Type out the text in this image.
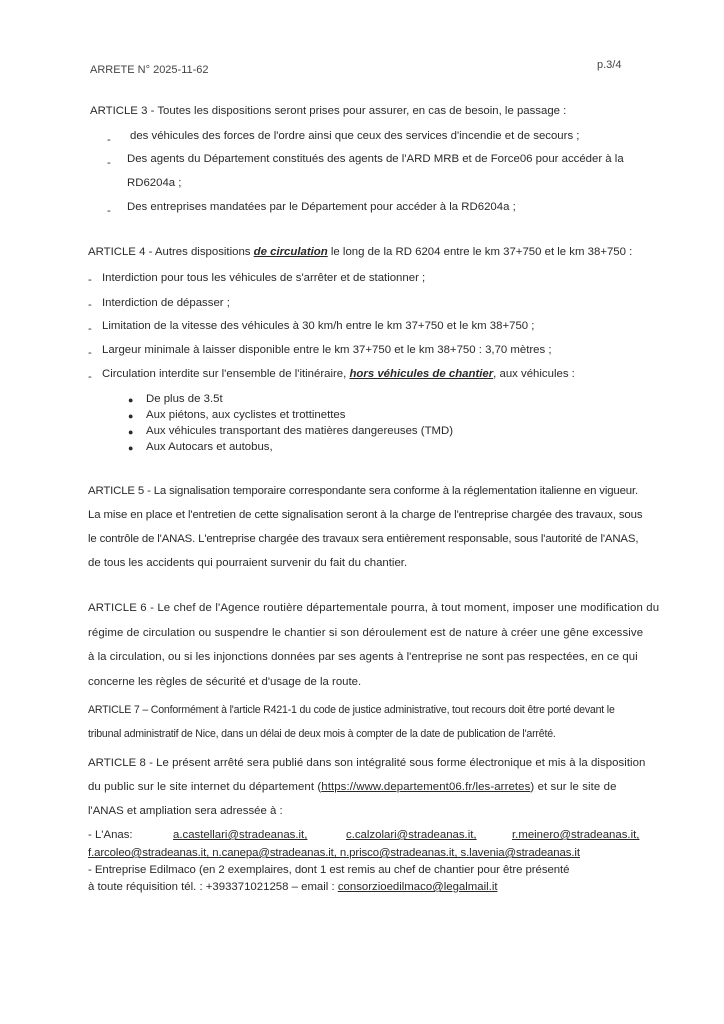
ARRETE N° 2025-11-62	p.3/4
ARTICLE 3 - Toutes les dispositions seront prises pour assurer, en cas de besoin, le passage :
- des véhicules des forces de l'ordre ainsi que ceux des services d'incendie et de secours ;
- Des agents du Département constitués des agents de l'ARD MRB et de Force06 pour accéder à la
RD6204a ;
- Des entreprises mandatées par le Département pour accéder à la RD6204a ;
ARTICLE 4 - Autres dispositions de circulation le long de la RD 6204 entre le km 37+750 et le km 38+750 :
- Interdiction pour tous les véhicules de s'arrêter et de stationner ;
- Interdiction de dépasser ;
- Limitation de la vitesse des véhicules à 30 km/h entre le km 37+750 et le km 38+750 ;
- Largeur minimale à laisser disponible entre le km 37+750 et le km 38+750 : 3,70 mètres ;
- Circulation interdite sur l'ensemble de l'itinéraire, hors véhicules de chantier, aux véhicules :
● De plus de 3.5t
● Aux piétons, aux cyclistes et trottinettes
● Aux véhicules transportant des matières dangereuses (TMD)
● Aux Autocars et autobus,
ARTICLE 5 - La signalisation temporaire correspondante sera conforme à la réglementation italienne en vigueur.
La mise en place et l'entretien de cette signalisation seront à la charge de l'entreprise chargée des travaux, sous
le contrôle de l'ANAS. L'entreprise chargée des travaux sera entièrement responsable, sous l'autorité de l'ANAS,
de tous les accidents qui pourraient survenir du fait du chantier.
ARTICLE 6 - Le chef de l'Agence routière départementale pourra, à tout moment, imposer une modification du
régime de circulation ou suspendre le chantier si son déroulement est de nature à créer une gêne excessive
à la circulation, ou si les injonctions données par ses agents à l'entreprise ne sont pas respectées, en ce qui
concerne les règles de sécurité et d'usage de la route.
ARTICLE 7 – Conformément à l'article R421-1 du code de justice administrative, tout recours doit être porté devant le
tribunal administratif de Nice, dans un délai de deux mois à compter de la date de publication de l'arrêté.
ARTICLE 8 - Le présent arrêté sera publié dans son intégralité sous forme électronique et mis à la disposition
du public sur le site internet du département (https://www.departement06.fr/les-arretes) et sur le site de
l'ANAS et ampliation sera adressée à :
- L'Anas:	a.castellari@stradeanas.it,	c.calzolari@stradeanas.it,	r.meinero@stradeanas.it,
f.arcoleo@stradeanas.it, n.canepa@stradeanas.it, n.prisco@stradeanas.it, s.lavenia@stradeanas.it
- Entreprise Edilmaco (en 2 exemplaires, dont 1 est remis au chef de chantier pour être présenté
à toute réquisition tél. : +393371021258 – email : consorzioedilmaco@legalmail.it
